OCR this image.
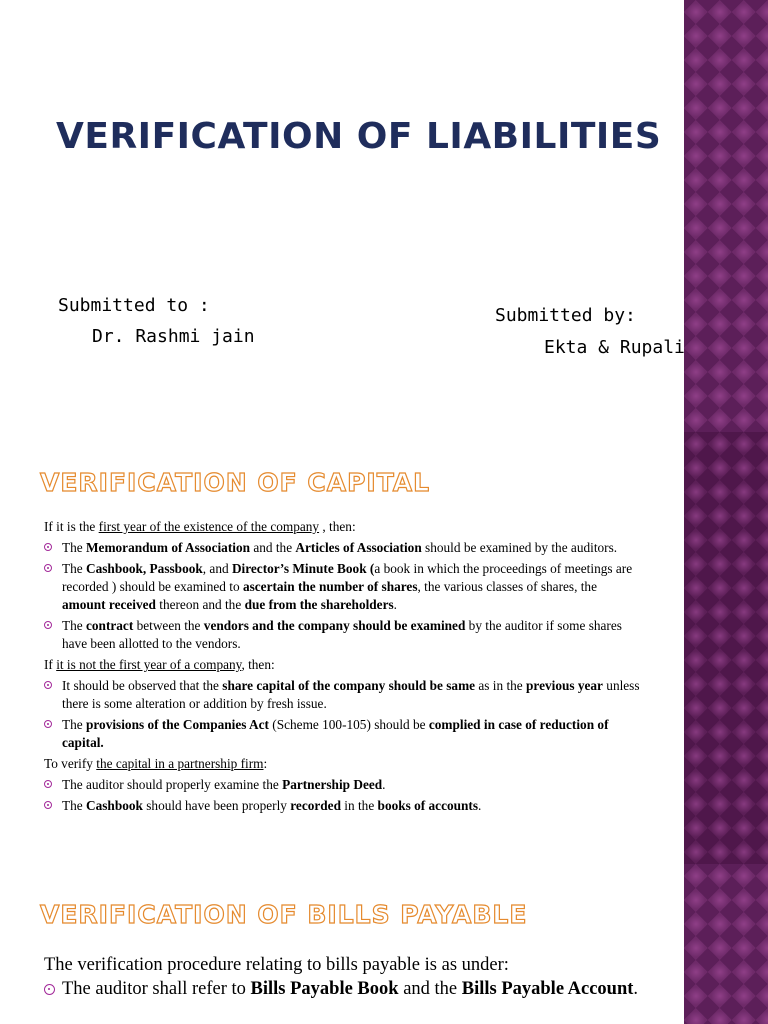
VERIFICATION OF LIABILITIES
Submitted to :
Dr. Rashmi jain
Submitted by:
Ekta & Rupali
VERIFICATION OF CAPITAL

If it is the first year of the existence of the company , then:

The Memorandum of Association and the Articles of Association should be examined by the auditors.
The Cashbook, Passbook, and Director’s Minute Book (a book in which the proceedings of meetings are recorded ) should be examined to ascertain the number of shares, the various classes of shares, the amount received thereon and the due from the shareholders.
The contract between the vendors and the company should be examined by the auditor if some shares have been allotted to the vendors.

If it is not the first year of a company, then:

It should be observed that the share capital of the company should be same as in the previous year unless there is some alteration or addition by fresh issue.
The provisions of the Companies Act (Scheme 100-105) should be complied in case of reduction of capital.

To verify the capital in a partnership firm:

The auditor should properly examine the Partnership Deed.
The Cashbook should have been properly recorded in the books of accounts.
VERIFICATION OF BILLS PAYABLE

The verification procedure relating to bills payable is as under:

The auditor shall refer to Bills Payable Book and the Bills Payable Account.
